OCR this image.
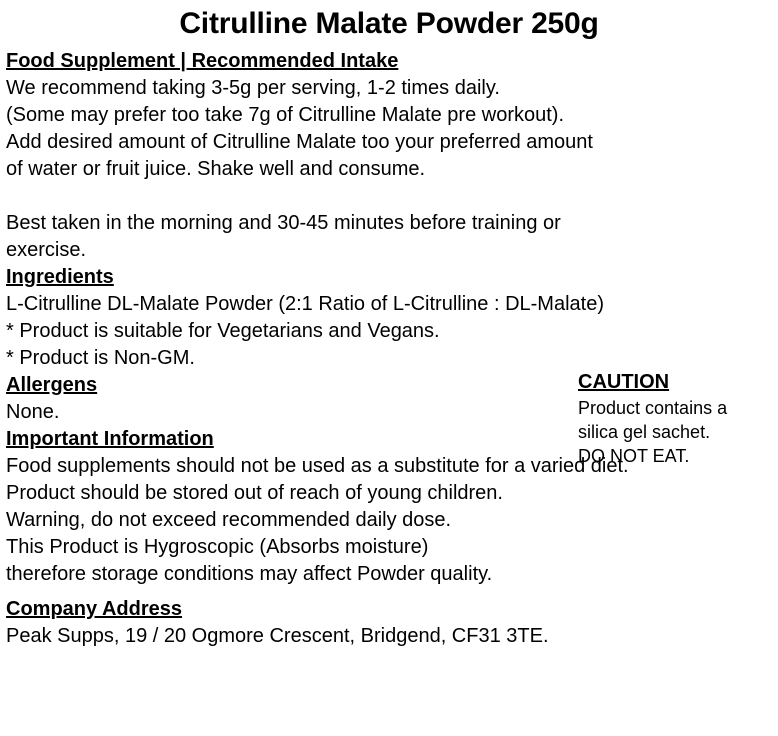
Citrulline Malate Powder 250g
Food Supplement | Recommended Intake
We recommend taking 3-5g per serving, 1-2 times daily.
(Some may prefer too take 7g of Citrulline Malate pre workout).
Add desired amount of Citrulline Malate too your preferred amount
of water or fruit juice. Shake well and consume.
Best taken in the morning and 30-45 minutes before training or
exercise.
Ingredients
L-Citrulline DL-Malate Powder (2:1 Ratio of L-Citrulline : DL-Malate)
* Product is suitable for Vegetarians and Vegans.
* Product is Non-GM.
Allergens
None.
Important Information
Food supplements should not be used as a substitute for a varied diet.
Product should be stored out of reach of young children.
Warning, do not exceed recommended daily dose.
This Product is Hygroscopic (Absorbs moisture)
therefore storage conditions may affect Powder quality.
Company Address
Peak Supps, 19 / 20 Ogmore Crescent, Bridgend, CF31 3TE.
CAUTION
Product contains a
silica gel sachet.
DO NOT EAT.
